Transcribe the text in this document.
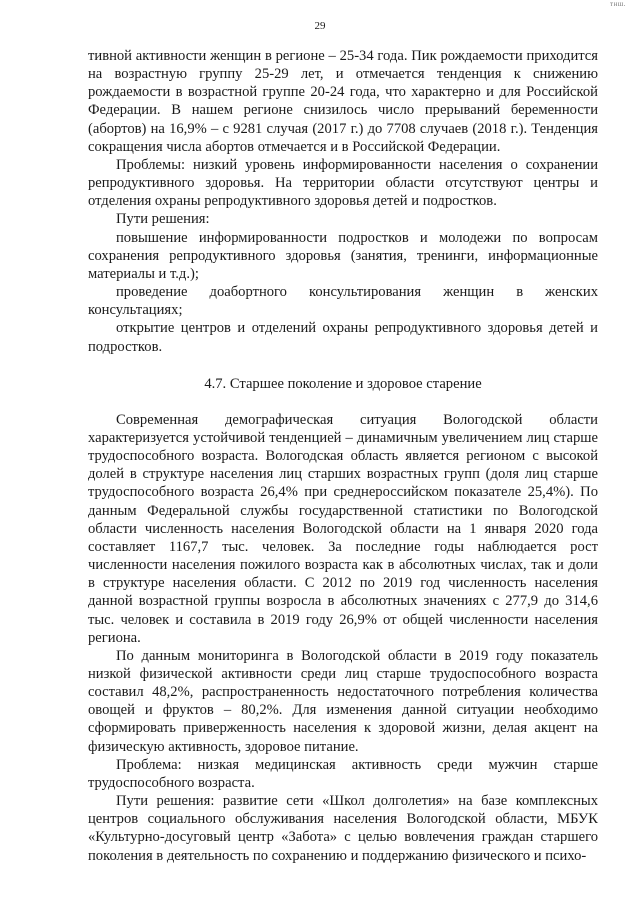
тнш.
29

тивной активности женщин в регионе – 25-34 года. Пик рождаемости приходится на возрастную группу 25-29 лет, и отмечается тенденция к снижению рождаемости в возрастной группе 20-24 года, что характерно и для Российской Федерации. В нашем регионе снизилось число прерываний беременности (абортов) на 16,9% – с 9281 случая (2017 г.) до 7708 случаев (2018 г.). Тенденция сокращения числа абортов отмечается и в Российской Федерации.

Проблемы: низкий уровень информированности населения о сохранении репродуктивного здоровья. На территории области отсутствуют центры и отделения охраны репродуктивного здоровья детей и подростков.

Пути решения:

повышение информированности подростков и молодежи по вопросам сохранения репродуктивного здоровья (занятия, тренинги, информационные материалы и т.д.);

проведение доабортного консультирования женщин в женских консультациях;

открытие центров и отделений охраны репродуктивного здоровья детей и подростков.

4.7. Старшее поколение и здоровое старение

Современная демографическая ситуация Вологодской области характеризуется устойчивой тенденцией – динамичным увеличением лиц старше трудоспособного возраста. Вологодская область является регионом с высокой долей в структуре населения лиц старших возрастных групп (доля лиц старше трудоспособного возраста 26,4% при среднероссийском показателе 25,4%). По данным Федеральной службы государственной статистики по Вологодской области численность населения Вологодской области на 1 января 2020 года составляет 1167,7 тыс. человек. За последние годы наблюдается рост численности населения пожилого возраста как в абсолютных числах, так и доли в структуре населения области. С 2012 по 2019 год численность населения данной возрастной группы возросла в абсолютных значениях с 277,9 до 314,6 тыс. человек и составила в 2019 году 26,9% от общей численности населения региона.

По данным мониторинга в Вологодской области в 2019 году показатель низкой физической активности среди лиц старше трудоспособного возраста составил 48,2%, распространенность недостаточного потребления количества овощей и фруктов – 80,2%. Для изменения данной ситуации необходимо сформировать приверженность населения к здоровой жизни, делая акцент на физическую активность, здоровое питание.

Проблема: низкая медицинская активность среди мужчин старше трудоспособного возраста.

Пути решения: развитие сети «Школ долголетия» на базе комплексных центров социального обслуживания населения Вологодской области, МБУК «Культурно-досуговый центр «Забота» с целью вовлечения граждан старшего поколения в деятельность по сохранению и поддержанию физического и психо-
